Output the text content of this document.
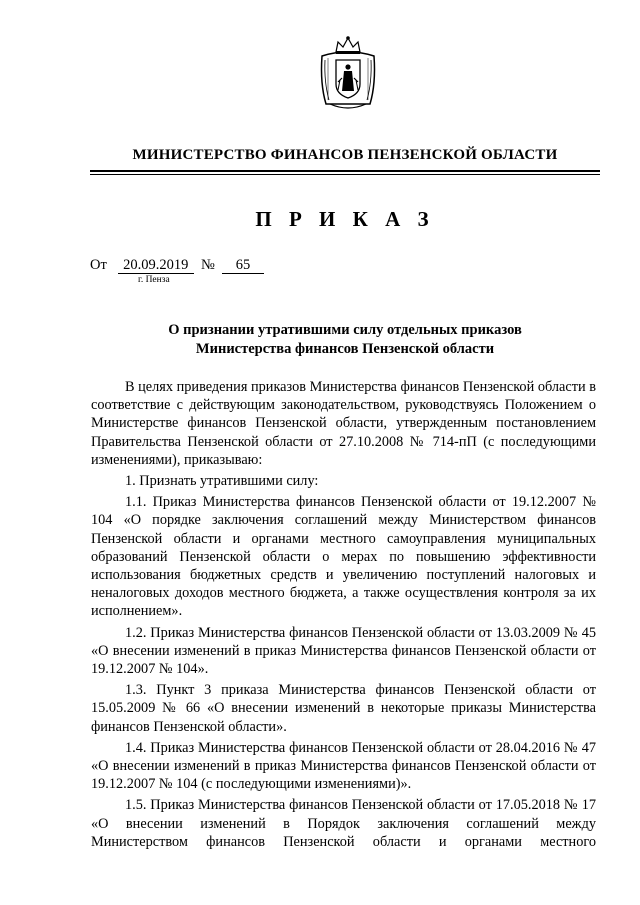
МИНИСТЕРСТВО ФИНАНСОВ ПЕНЗЕНСКОЙ ОБЛАСТИ
П Р И К А З
От 20.09.2019 № 65
г. Пенза
О признании утратившими силу отдельных приказов
Министерства финансов Пензенской области

В целях приведения приказов Министерства финансов Пензенской области в соответствие с действующим законодательством, руководствуясь Положением о Министерстве финансов Пензенской области, утвержденным постановлением Правительства Пензенской области от 27.10.2008 № 714-пП (с последующими изменениями), приказываю:

1. Признать утратившими силу:

1.1. Приказ Министерства финансов Пензенской области от 19.12.2007 № 104 «О порядке заключения соглашений между Министерством финансов Пензенской области и органами местного самоуправления муниципальных образований Пензенской области о мерах по повышению эффективности использования бюджетных средств и увеличению поступлений налоговых и неналоговых доходов местного бюджета, а также осуществления контроля за их исполнением».

1.2. Приказ Министерства финансов Пензенской области от 13.03.2009 № 45 «О внесении изменений в приказ Министерства финансов Пензенской области от 19.12.2007 № 104».

1.3. Пункт 3 приказа Министерства финансов Пензенской области от 15.05.2009 № 66 «О внесении изменений в некоторые приказы Министерства финансов Пензенской области».

1.4. Приказ Министерства финансов Пензенской области от 28.04.2016 № 47 «О внесении изменений в приказ Министерства финансов Пензенской области от 19.12.2007 № 104 (с последующими изменениями)».

1.5. Приказ Министерства финансов Пензенской области от 17.05.2018 № 17 «О внесении изменений в Порядок заключения соглашений между Министерством финансов Пензенской области и органами местного
